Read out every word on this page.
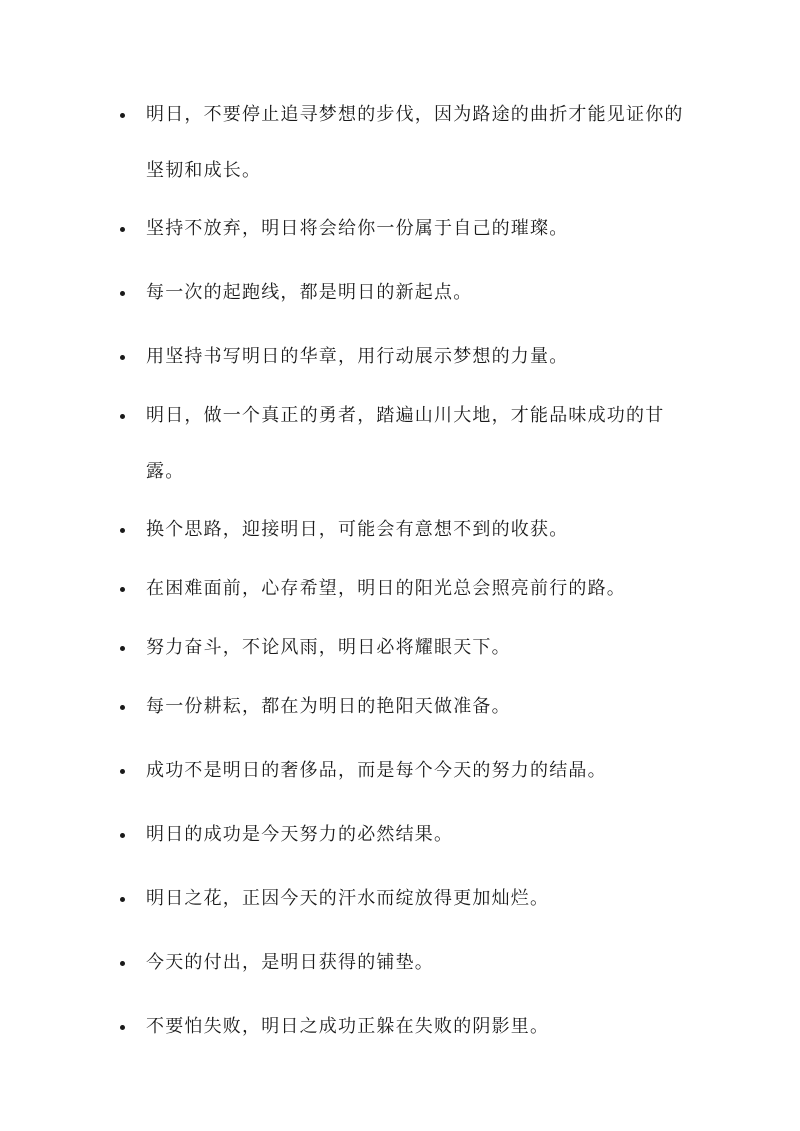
明日，不要停止追寻梦想的步伐，因为路途的曲折才能见证你的坚韧和成长。
坚持不放弃，明日将会给你一份属于自己的璀璨。
每一次的起跑线，都是明日的新起点。
用坚持书写明日的华章，用行动展示梦想的力量。
明日，做一个真正的勇者，踏遍山川大地，才能品味成功的甘露。
换个思路，迎接明日，可能会有意想不到的收获。
在困难面前，心存希望，明日的阳光总会照亮前行的路。
努力奋斗，不论风雨，明日必将耀眼天下。
每一份耕耘，都在为明日的艳阳天做准备。
成功不是明日的奢侈品，而是每个今天的努力的结晶。
明日的成功是今天努力的必然结果。
明日之花，正因今天的汗水而绽放得更加灿烂。
今天的付出，是明日获得的铺垫。
不要怕失败，明日之成功正躲在失败的阴影里。
